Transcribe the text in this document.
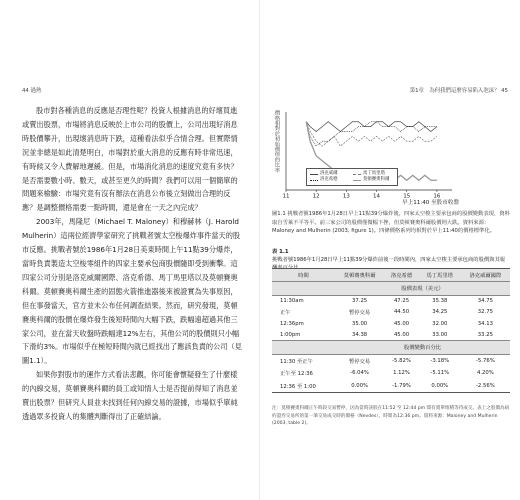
44 過熱

股市對各種消息的反應是否理性呢？投資人根據消息的好壞買進或賣出股票，市場將消息反映於上市公司的股價上，公司出現好消息時股價攀升，出現壞消息時下跌，這種看法似乎合情合理。但實際情況並非總是如此清楚明白，市場對於重大消息的反應有時非常迅速，有時候又令人費解地遲緩。但是，市場消化消息的速度究竟有多快？是否需要數小時、數天，或甚至更久的時間？我們可以用一個簡單的問題來檢驗：市場究竟有沒有辦法在消息公布後立刻做出合理的反應？是調整價格需要一點時間，還是會在一天之內完成？

2003年，馬隆尼（Michael T. Maloney）和穆赫林（J. Harold Mulherin）這兩位經濟學家研究了挑戰者號太空梭爆炸事件當天的股市反應。挑戰者號於1986年1月28日美東時間上午11點39分爆炸，當時負責製造太空梭零組件的四家主要承包商股價隨即受到衝擊。這四家公司分別是洛克威爾國際、洛克希德、馬丁馬里塔以及莫頓賽奧科爾。莫頓賽奧科爾生產的固態火箭推進器後來被證實為失事原因，但在事發當天，官方並未公布任何調查結果。然而，研究發現，莫頓賽奧科爾的股價在爆炸發生後短時間內大幅下跌，跌幅遠超過其他三家公司，並在當天收盤時跌幅達12%左右，其他公司的股價則只小幅下滑約3%。市場似乎在極短時間內就已經找出了應該負責的公司（見圖1.1）。

如果你對股市的運作方式看法悲觀，你可能會懷疑發生了什麼樣的內線交易，莫頓賽奧科爾的員工或知情人士是否提前得知了消息並賣出股票？但研究人員並未找到任何內線交易的證據，市場似乎單純透過眾多投資人的集體判斷得出了正確結論。

第1章　為何我們這麼容易陷入泡沫？ 45
價格相對於初始價值的比率
11	12	13	14	15	16
洛克威爾	馬丁馬里塔
洛克希德	莫頓賽奧科爾
早上11:40 至股市收盤
圖1.1 挑戰者號1986年1月28日早上11點39分爆炸後，四家太空梭主要承包商的股價變動表現，資料取自雪萊不平等平。前三家公司的股價僅微幅下挫，但莫頓賽奧科爾股價則大跌。資料來源：Maloney and Mulherin (2003, figure 1)。四條價格系列均相對於早上11:40的價格標準化。
表 1.1
挑戰者號1986年1月28日早上11點39分爆炸前後一段時間內，四家太空梭主要承包商的股價與其報
時間	莫頓賽奧科爾	洛克希德	馬丁馬里塔	洛克威爾國際
	股價表現（美元）			
11:30am	37.25	47.25	35.38	34.75
正午	暫停交易	44.50	34.25	32.75
12:36pm	35.00	45.00	32.00	34.13
1:00pm	34.38	45.00	33.00	33.25
	股價變動百分比			
11:30 至正午	暫停交易	-5.82%	-3.18%	-5.76%
正午至 12:36	-6.04%	1.12%	-5.11%	4.20%
12:36 至 1:00	0.00%	-1.79%	0.00%	-2.56%
注：莫頓賽奧科爾正午時段交易暫停，因為當時該股在11:52 至 12:44 pm 間有賣單堆積等待成交。表上之股價為紐約證券交易所的第一筆交易成交時的價格（Nevdes），時間為12:36 pm。資料來源：Maloney and Mulherin (2003, table 2)。
